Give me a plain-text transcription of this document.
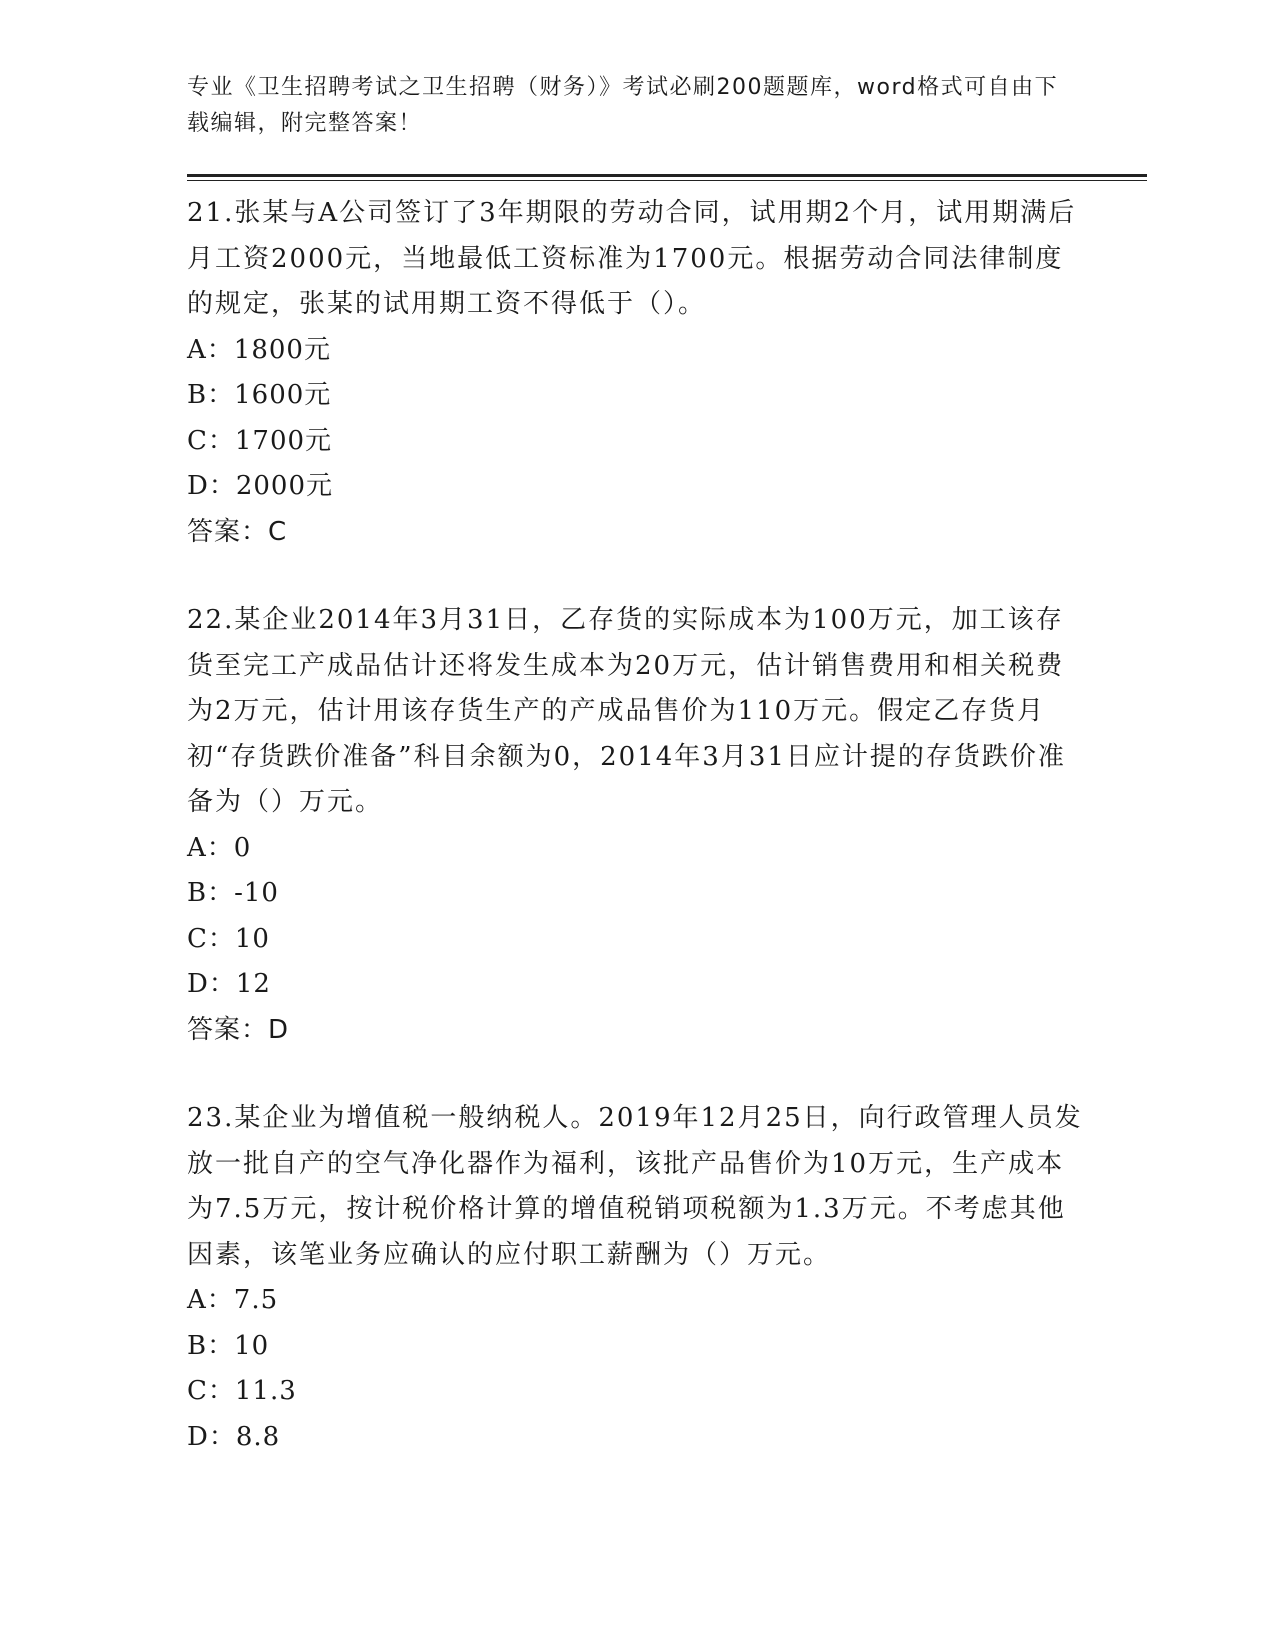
专业《卫生招聘考试之卫生招聘（财务）》考试必刷200题题库，word格式可自由下载编辑，附完整答案！

21.张某与A公司签订了3年期限的劳动合同，试用期2个月，试用期满后月工资2000元，当地最低工资标准为1700元。根据劳动合同法律制度的规定，张某的试用期工资不得低于（）。

A：1800元

B：1600元

C：1700元

D：2000元

答案：C

22.某企业2014年3月31日，乙存货的实际成本为100万元，加工该存货至完工产成品估计还将发生成本为20万元，估计销售费用和相关税费为2万元，估计用该存货生产的产成品售价为110万元。假定乙存货月初“存货跌价准备”科目余额为0，2014年3月31日应计提的存货跌价准备为（）万元。

A：0

B：-10

C：10

D：12

答案：D

23.某企业为增值税一般纳税人。2019年12月25日，向行政管理人员发放一批自产的空气净化器作为福利，该批产品售价为10万元，生产成本为7.5万元，按计税价格计算的增值税销项税额为1.3万元。不考虑其他因素，该笔业务应确认的应付职工薪酬为（）万元。

A：7.5

B：10

C：11.3

D：8.8
